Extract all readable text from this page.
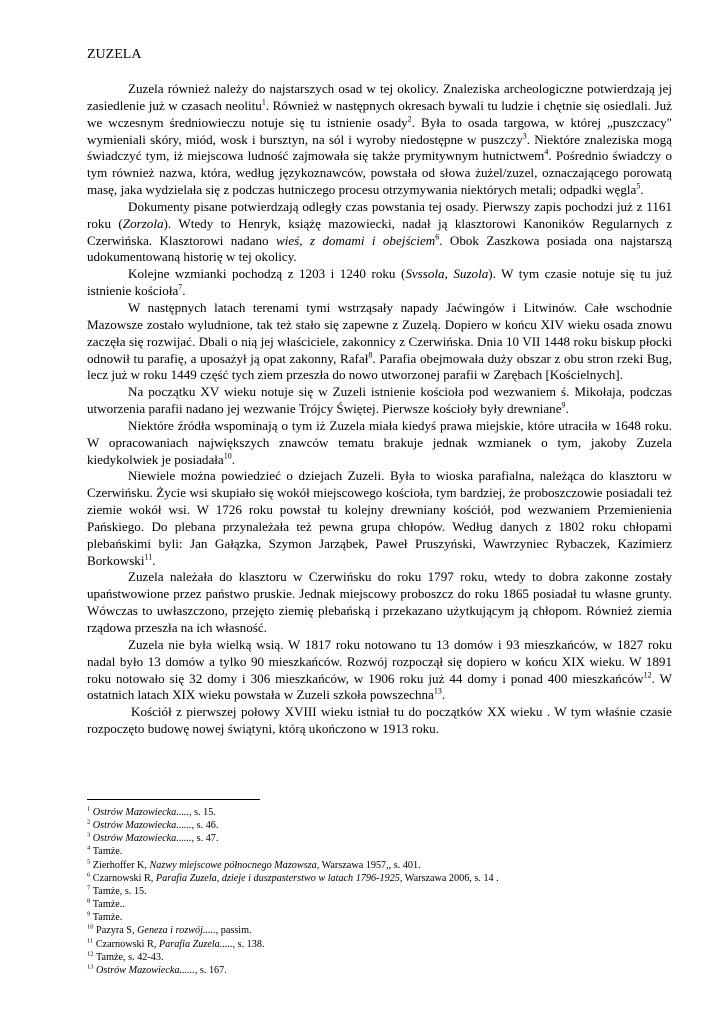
ZUZELA

Zuzela również należy do najstarszych osad w tej okolicy. Znaleziska archeologiczne potwierdzają jej zasiedlenie już w czasach neolitu$^1$. Również w następnych okresach bywali tu ludzie i chętnie się osiedlali. Już we wczesnym średniowieczu notuje się tu istnienie osady$^2$. Była to osada targowa, w której „puszczacy" wymieniali skóry, miód, wosk i bursztyn, na sól i wyroby niedostępne w puszczy$^3$. Niektóre znaleziska mogą świadczyć tym, iż miejscowa ludność zajmowała się także prymitywnym hutnictwem$^4$. Pośrednio świadczy o tym również nazwa, która, według językoznawców, powstała od słowa żużel/zuzel, oznaczającego porowatą masę, jaka wydzielała się z podczas hutniczego procesu otrzymywania niektórych metali; odpadki węgla$^5$.

Dokumenty pisane potwierdzają odległy czas powstania tej osady. Pierwszy zapis pochodzi już z 1161 roku (Zorzola). Wtedy to Henryk, książę mazowiecki, nadał ją klasztorowi Kanoników Regularnych z Czerwińska. Klasztorowi nadano wieś, z domami i obejściem$^6$. Obok Zaszkowa posiada ona najstarszą udokumentowaną historię w tej okolicy.

Kolejne wzmianki pochodzą z 1203 i 1240 roku (Svssola, Suzola). W tym czasie notuje się tu już istnienie kościoła$^7$.

W następnych latach terenami tymi wstrząsały napady Jaćwingów i Litwinów. Całe wschodnie Mazowsze zostało wyludnione, tak też stało się zapewne z Zuzelą. Dopiero w końcu XIV wieku osada znowu zaczęła się rozwijać. Dbali o nią jej właściciele, zakonnicy z Czerwińska. Dnia 10 VII 1448 roku biskup płocki odnowił tu parafię, a uposażył ją opat zakonny, Rafał$^8$. Parafia obejmowała duży obszar z obu stron rzeki Bug, lecz już w roku 1449 część tych ziem przeszła do nowo utworzonej parafii w Zarębach [Kościelnych].

Na początku XV wieku notuje się w Zuzeli istnienie kościoła pod wezwaniem ś. Mikołaja, podczas utworzenia parafii nadano jej wezwanie Trójcy Świętej. Pierwsze kościoły były drewniane$^9$.

Niektóre źródła wspominają o tym iż Zuzela miała kiedyś prawa miejskie, które utraciła w 1648 roku. W opracowaniach największych znawców tematu brakuje jednak wzmianek o tym, jakoby Zuzela kiedykolwiek je posiadała$^{10}$.

Niewiele można powiedzieć o dziejach Zuzeli. Była to wioska parafialna, należąca do klasztoru w Czerwińsku. Życie wsi skupiało się wokół miejscowego kościoła, tym bardziej, że proboszczowie posiadali też ziemie wokół wsi. W 1726 roku powstał tu kolejny drewniany kościół, pod wezwaniem Przemienienia Pańskiego. Do plebana przynależała też pewna grupa chłopów. Według danych z 1802 roku chłopami plebańskimi byli: Jan Gałązka, Szymon Jarząbek, Paweł Pruszyński, Wawrzyniec Rybaczek, Kazimierz Borkowski$^{11}$.

Zuzela należała do klasztoru w Czerwińsku do roku 1797 roku, wtedy to dobra zakonne zostały upaństwowione przez państwo pruskie. Jednak miejscowy proboszcz do roku 1865 posiadał tu własne grunty. Wówczas to uwłaszczono, przejęto ziemię plebańską i przekazano użytkującym ją chłopom. Również ziemia rządowa przeszła na ich własność.

Zuzela nie była wielką wsią. W 1817 roku notowano tu 13 domów i 93 mieszkańców, w 1827 roku nadal było 13 domów a tylko 90 mieszkańców. Rozwój rozpoczął się dopiero w końcu XIX wieku. W 1891 roku notowało się 32 domy i 306 mieszkańców, w 1906 roku już 44 domy i ponad 400 mieszkańców$^{12}$. W ostatnich latach XIX wieku powstała w Zuzeli szkoła powszechna$^{13}$.

Kościół z pierwszej połowy XVIII wieku istniał tu do początków XX wieku . W tym właśnie czasie rozpoczęto budowę nowej świątyni, którą ukończono w 1913 roku.

$^1$ Ostrów Mazowiecka....., s. 15.

$^2$ Ostrów Mazowiecka......, s. 46.

$^3$ Ostrów Mazowiecka......, s. 47.

$^4$ Tamże.

$^5$ Zierhoffer K, Nazwy miejscowe północnego Mazowsza, Warszawa 1957,, s. 401.

$^6$ Czarnowski R, Parafia Zuzela, dzieje i duszpasterstwo w latach 1796-1925, Warszawa 2006, s. 14 .

$^7$ Tamże, s. 15.

$^8$ Tamże..

$^9$ Tamże.

$^{10}$ Pazyra S, Geneza i rozwój....., passim.

$^{11}$ Czarnowski R, Parafia Zuzela....., s. 138.

$^{12}$ Tamże, s. 42-43.

$^{13}$ Ostrów Mazowiecka......, s. 167.
